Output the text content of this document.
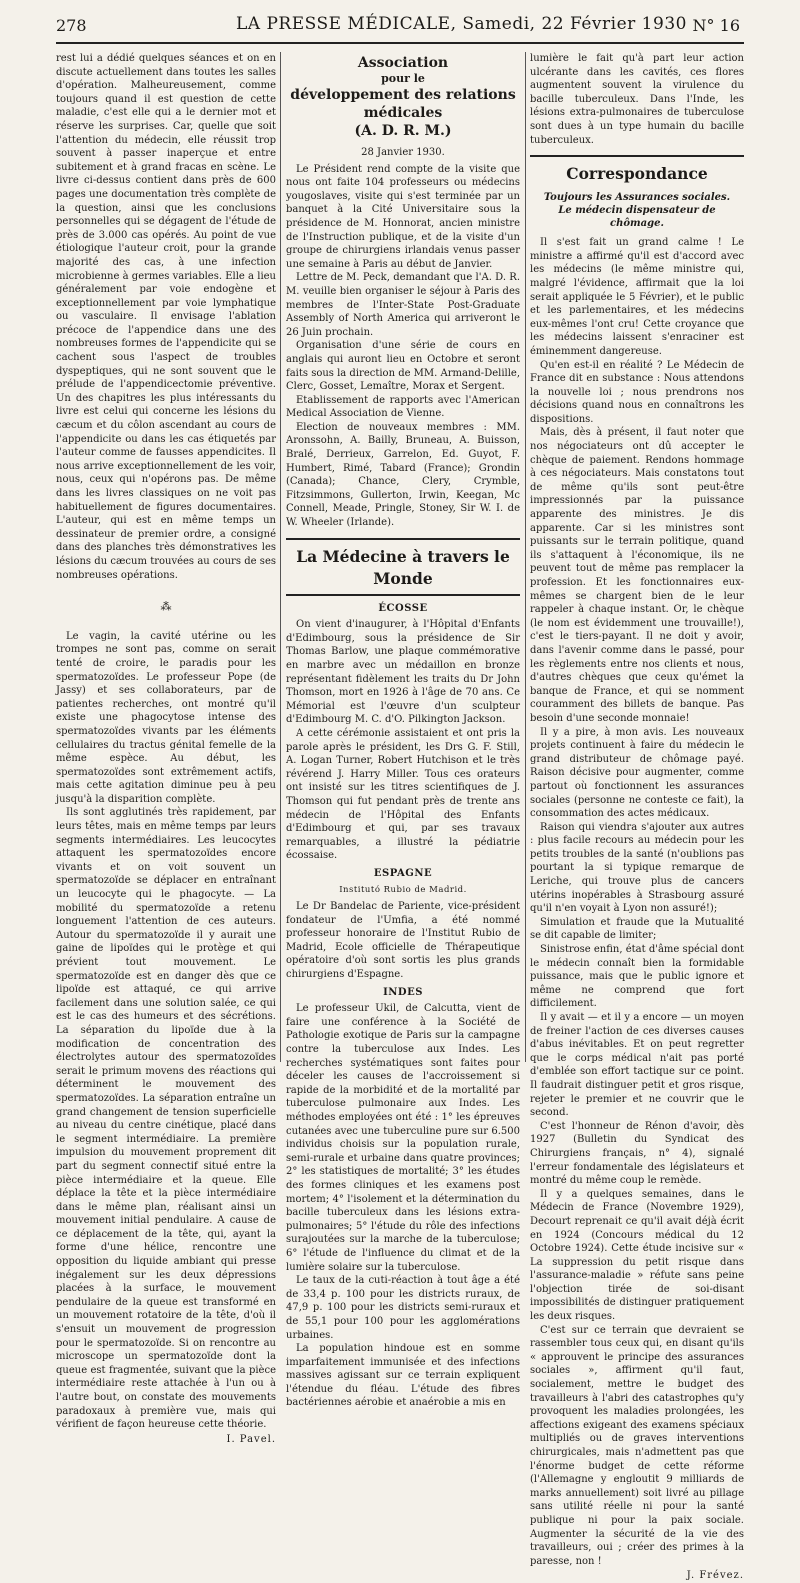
278	LA PRESSE MÉDICALE, Samedi, 22 Février 1930 N° 16

rest lui a dédié quelques séances et on en discute actuellement dans toutes les salles d'opération. Malheureusement, comme toujours quand il est question de cette maladie, c'est elle qui a le dernier mot et réserve les surprises. Car, quelle que soit l'attention du médecin, elle réussit trop souvent à passer inaperçue et entre subitement et à grand fracas en scène. Le livre ci-dessus contient dans près de 600 pages une documentation très complète de la question, ainsi que les conclusions personnelles qui se dégagent de l'étude de près de 3.000 cas opérés. Au point de vue étiologique l'auteur croit, pour la grande majorité des cas, à une infection microbienne à germes variables. Elle a lieu généralement par voie endogène et exceptionnellement par voie lymphatique ou vasculaire. Il envisage l'ablation précoce de l'appendice dans une des nombreuses formes de l'appendicite qui se cachent sous l'aspect de troubles dyspeptiques, qui ne sont souvent que le prélude de l'appendicectomie préventive. Un des chapitres les plus intéressants du livre est celui qui concerne les lésions du cæcum et du côlon ascendant au cours de l'appendicite ou dans les cas étiquetés par l'auteur comme de fausses appendicites. Il nous arrive exceptionnellement de les voir, nous, ceux qui n'opérons pas. De même dans les livres classiques on ne voit pas habituellement de figures documentaires. L'auteur, qui est en même temps un dessinateur de premier ordre, a consigné dans des planches très démonstratives les lésions du cæcum trouvées au cours de ses nombreuses opérations.

⁂

Le vagin, la cavité utérine ou les trompes ne sont pas, comme on serait tenté de croire, le paradis pour les spermatozoïdes. Le professeur Pope (de Jassy) et ses collaborateurs, par de patientes recherches, ont montré qu'il existe une phagocytose intense des spermatozoïdes vivants par les éléments cellulaires du tractus génital femelle de la même espèce. Au début, les spermatozoïdes sont extrêmement actifs, mais cette agitation diminue peu à peu jusqu'à la disparition complète.

Ils sont agglutinés très rapidement, par leurs têtes, mais en même temps par leurs segments intermédiaires. Les leucocytes attaquent les spermatozoïdes encore vivants et on voit souvent un spermatozoïde se déplacer en entraînant un leucocyte qui le phagocyte. — La mobilité du spermatozoïde a retenu longuement l'attention de ces auteurs. Autour du spermatozoïde il y aurait une gaine de lipoïdes qui le protège et qui prévient tout mouvement. Le spermatozoïde est en danger dès que ce lipoïde est attaqué, ce qui arrive facilement dans une solution salée, ce qui est le cas des humeurs et des sécrétions. La séparation du lipoïde due à la modification de concentration des électrolytes autour des spermatozoïdes serait le primum movens des réactions qui déterminent le mouvement des spermatozoïdes. La séparation entraîne un grand changement de tension superficielle au niveau du centre cinétique, placé dans le segment intermédiaire. La première impulsion du mouvement proprement dit part du segment connectif situé entre la pièce intermédiaire et la queue. Elle déplace la tête et la pièce intermédiaire dans le même plan, réalisant ainsi un mouvement initial pendulaire. A cause de ce déplacement de la tête, qui, ayant la forme d'une hélice, rencontre une opposition du liquide ambiant qui presse inégalement sur les deux dépressions placées à la surface, le mouvement pendulaire de la queue est transformé en un mouvement rotatoire de la tête, d'où il s'ensuit un mouvement de progression pour le spermatozoïde. Si on rencontre au microscope un spermatozoïde dont la queue est fragmentée, suivant que la pièce intermédiaire reste attachée à l'un ou à l'autre bout, on constate des mouvements paradoxaux à première vue, mais qui vérifient de façon heureuse cette théorie.

I. Pavel.
Association
pour le
développement des relations médicales
(A. D. R. M.)
28 Janvier 1930.

Le Président rend compte de la visite que nous ont faite 104 professeurs ou médecins yougoslaves, visite qui s'est terminée par un banquet à la Cité Universitaire sous la présidence de M. Honnorat, ancien ministre de l'Instruction publique, et de la visite d'un groupe de chirurgiens irlandais venus passer une semaine à Paris au début de Janvier.

Lettre de M. Peck, demandant que l'A. D. R. M. veuille bien organiser le séjour à Paris des membres de l'Inter-State Post-Graduate Assembly of North America qui arriveront le 26 Juin prochain.

Organisation d'une série de cours en anglais qui auront lieu en Octobre et seront faits sous la direction de MM. Armand-Delille, Clerc, Gosset, Lemaître, Morax et Sergent.

Etablissement de rapports avec l'American Medical Association de Vienne.

Election de nouveaux membres : MM. Aronssohn, A. Bailly, Bruneau, A. Buisson, Bralé, Derrieux, Garrelon, Ed. Guyot, F. Humbert, Rimé, Tabard (France); Grondin (Canada); Chance, Clery, Crymble, Fitzsimmons, Gullerton, Irwin, Keegan, Mc Connell, Meade, Pringle, Stoney, Sir W. I. de W. Wheeler (Irlande).

La Médecine à travers le Monde
ÉCOSSE

On vient d'inaugurer, à l'Hôpital d'Enfants d'Edimbourg, sous la présidence de Sir Thomas Barlow, une plaque commémorative en marbre avec un médaillon en bronze représentant fidèlement les traits du Dr John Thomson, mort en 1926 à l'âge de 70 ans. Ce Mémorial est l'œuvre d'un sculpteur d'Edimbourg M. C. d'O. Pilkington Jackson.

A cette cérémonie assistaient et ont pris la parole après le président, les Drs G. F. Still, A. Logan Turner, Robert Hutchison et le très révérend J. Harry Miller. Tous ces orateurs ont insisté sur les titres scientifiques de J. Thomson qui fut pendant près de trente ans médecin de l'Hôpital des Enfants d'Edimbourg et qui, par ses travaux remarquables, a illustré la pédiatrie écossaise.

ESPAGNE
Institutó Rubio de Madrid.

Le Dr Bandelac de Pariente, vice-président fondateur de l'Umfia, a été nommé professeur honoraire de l'Institut Rubio de Madrid, Ecole officielle de Thérapeutique opératoire d'où sont sortis les plus grands chirurgiens d'Espagne.

INDES

Le professeur Ukil, de Calcutta, vient de faire une conférence à la Société de Pathologie exotique de Paris sur la campagne contre la tuberculose aux Indes. Les recherches systématiques sont faites pour déceler les causes de l'accroissement si rapide de la morbidité et de la mortalité par tuberculose pulmonaire aux Indes. Les méthodes employées ont été : 1° les épreuves cutanées avec une tuberculine pure sur 6.500 individus choisis sur la population rurale, semi-rurale et urbaine dans quatre provinces; 2° les statistiques de mortalité; 3° les études des formes cliniques et les examens post mortem; 4° l'isolement et la détermination du bacille tuberculeux dans les lésions extra-pulmonaires; 5° l'étude du rôle des infections surajoutées sur la marche de la tuberculose; 6° l'étude de l'influence du climat et de la lumière solaire sur la tuberculose.

Le taux de la cuti-réaction à tout âge a été de 33,4 p. 100 pour les districts ruraux, de 47,9 p. 100 pour les districts semi-ruraux et de 55,1 pour 100 pour les agglomérations urbaines.

La population hindoue est en somme imparfaitement immunisée et des infections massives agissant sur ce terrain expliquent l'étendue du fléau. L'étude des fibres bactériennes aérobie et anaérobie a mis en

lumière le fait qu'à part leur action ulcérante dans les cavités, ces flores augmentent souvent la virulence du bacille tuberculeux. Dans l'Inde, les lésions extra-pulmonaires de tuberculose sont dues à un type humain du bacille tuberculeux.

Correspondance
Toujours les Assurances sociales.
Le médecin dispensateur de chômage.

Il s'est fait un grand calme ! Le ministre a affirmé qu'il est d'accord avec les médecins (le même ministre qui, malgré l'évidence, affirmait que la loi serait appliquée le 5 Février), et le public et les parlementaires, et les médecins eux-mêmes l'ont cru! Cette croyance que les médecins laissent s'enraciner est éminemment dangereuse.

Qu'en est-il en réalité ? Le Médecin de France dit en substance : Nous attendons la nouvelle loi ; nous prendrons nos décisions quand nous en connaîtrons les dispositions.

Mais, dès à présent, il faut noter que nos négociateurs ont dû accepter le chèque de paiement. Rendons hommage à ces négociateurs. Mais constatons tout de même qu'ils sont peut-être impressionnés par la puissance apparente des ministres. Je dis apparente. Car si les ministres sont puissants sur le terrain politique, quand ils s'attaquent à l'économique, ils ne peuvent tout de même pas remplacer la profession. Et les fonctionnaires eux-mêmes se chargent bien de le leur rappeler à chaque instant. Or, le chèque (le nom est évidemment une trouvaille!), c'est le tiers-payant. Il ne doit y avoir, dans l'avenir comme dans le passé, pour les règlements entre nos clients et nous, d'autres chèques que ceux qu'émet la banque de France, et qui se nomment couramment des billets de banque. Pas besoin d'une seconde monnaie!

Il y a pire, à mon avis. Les nouveaux projets continuent à faire du médecin le grand distributeur de chômage payé. Raison décisive pour augmenter, comme partout où fonctionnent les assurances sociales (personne ne conteste ce fait), la consommation des actes médicaux.

Raison qui viendra s'ajouter aux autres : plus facile recours au médecin pour les petits troubles de la santé (n'oublions pas pourtant la si typique remarque de Leriche, qui trouve plus de cancers utérins inopérables à Strasbourg assuré qu'il n'en voyait à Lyon non assuré!);

Simulation et fraude que la Mutualité se dit capable de limiter;

Sinistrose enfin, état d'âme spécial dont le médecin connaît bien la formidable puissance, mais que le public ignore et même ne comprend que fort difficilement.

Il y avait — et il y a encore — un moyen de freiner l'action de ces diverses causes d'abus inévitables. Et on peut regretter que le corps médical n'ait pas porté d'emblée son effort tactique sur ce point. Il faudrait distinguer petit et gros risque, rejeter le premier et ne couvrir que le second.

C'est l'honneur de Rénon d'avoir, dès 1927 (Bulletin du Syndicat des Chirurgiens français, n° 4), signalé l'erreur fondamentale des législateurs et montré du même coup le remède.

Il y a quelques semaines, dans le Médecin de France (Novembre 1929), Decourt reprenait ce qu'il avait déjà écrit en 1924 (Concours médical du 12 Octobre 1924). Cette étude incisive sur « La suppression du petit risque dans l'assurance-maladie » réfute sans peine l'objection tirée de soi-disant impossibilités de distinguer pratiquement les deux risques.

C'est sur ce terrain que devraient se rassembler tous ceux qui, en disant qu'ils « approuvent le principe des assurances sociales », affirment qu'il faut, socialement, mettre le budget des travailleurs à l'abri des catastrophes qu'y provoquent les maladies prolongées, les affections exigeant des examens spéciaux multipliés ou de graves interventions chirurgicales, mais n'admettent pas que l'énorme budget de cette réforme (l'Allemagne y engloutit 9 milliards de marks annuellement) soit livré au pillage sans utilité réelle ni pour la santé publique ni pour la paix sociale. Augmenter la sécurité de la vie des travailleurs, oui ; créer des primes à la paresse, non !

J. Frévez.
